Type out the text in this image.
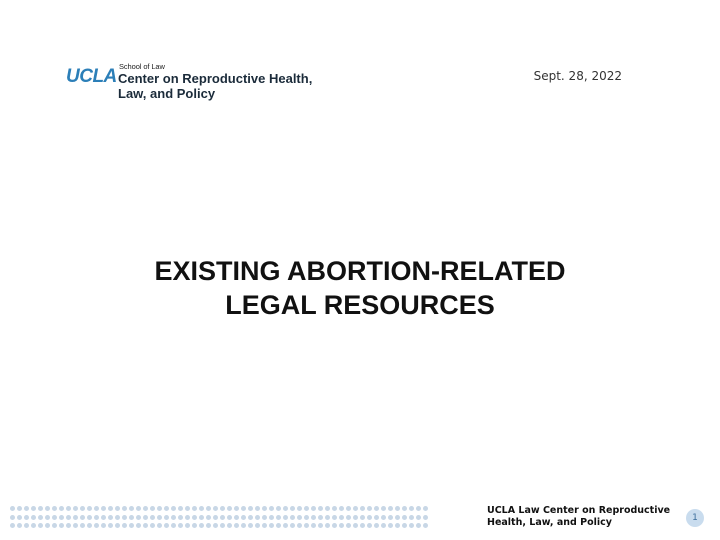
UCLA School of Law
Center on Reproductive Health,
Law, and Policy
Sept. 28, 2022
EXISTING ABORTION-RELATED
LEGAL RESOURCES
UCLA Law Center on Reproductive
Health, Law, and Policy	1
